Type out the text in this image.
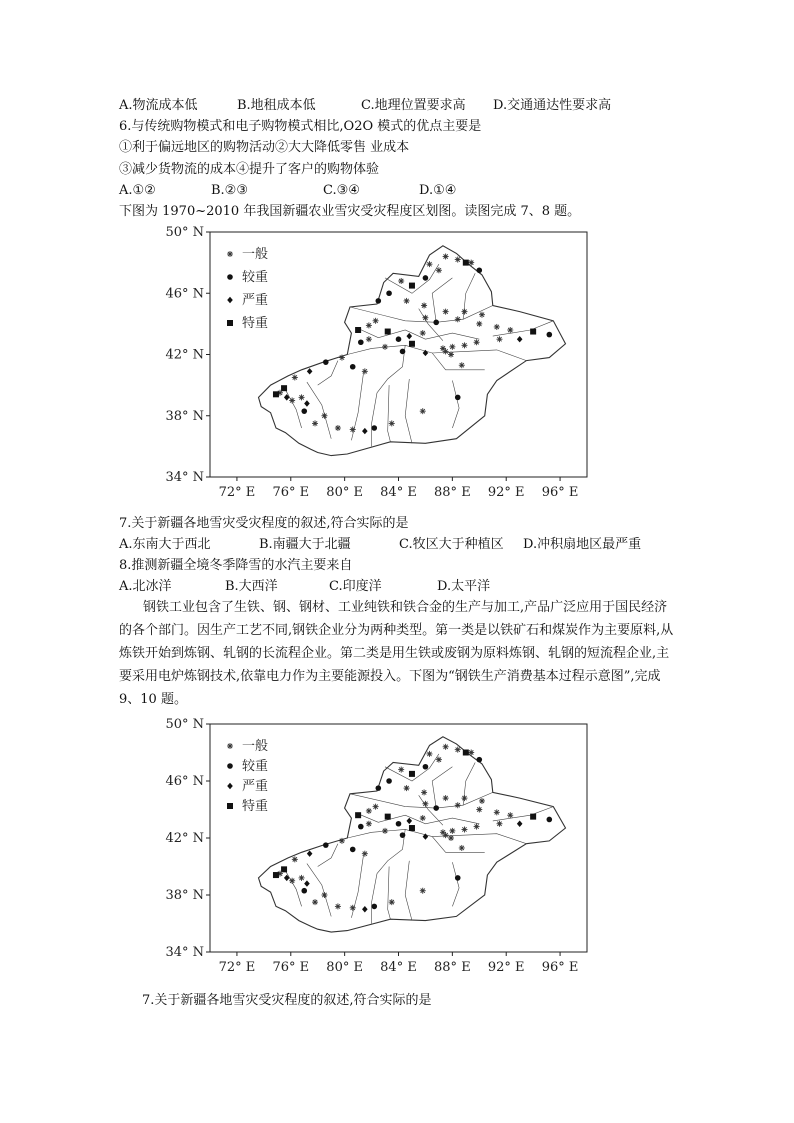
A.物流成本低	B.地租成本低	C.地理位置要求高 D.交通通达性要求高
6.与传统购物模式和电子购物模式相比,O2O 模式的优点主要是
①利于偏远地区的购物活动②大大降低零售 业成本
③减少货物流的成本④提升了客户的购物体验
A.①②	B.②③	C.③④	D.①④
下图为 1970~2010 年我国新疆农业雪灾受灾程度区划图。读图完成 7、8 题。
50° N
46° N
42° N
38° N
34° N
72° E 76° E 80° E 84° E 88° E 92° E 96° E
一般
较重
严重
特重
7.关于新疆各地雪灾受灾程度的叙述,符合实际的是
A.东南大于西北	B.南疆大于北疆	C.牧区大于种植区 D.冲积扇地区最严重
8.推测新疆全境冬季降雪的水汽主要来自
A.北冰洋	B.大西洋	C.印度洋	D.太平洋
钢铁工业包含了生铁、钢、钢材、工业纯铁和铁合金的生产与加工,产品广泛应用于国民经济的各个部门。因生产工艺不同,钢铁企业分为两种类型。第一类是以铁矿石和煤炭作为主要原料,从炼铁开始到炼钢、轧钢的长流程企业。第二类是用生铁或废钢为原料炼钢、轧钢的短流程企业,主要采用电炉炼钢技术,依靠电力作为主要能源投入。下图为“钢铁生产消费基本过程示意图”,完成 9、10 题。
50° N
46° N
42° N
38° N
34° N
72° E 76° E 80° E 84° E 88° E 92° E 96° E
一般
较重
严重
特重
7.关于新疆各地雪灾受灾程度的叙述,符合实际的是
